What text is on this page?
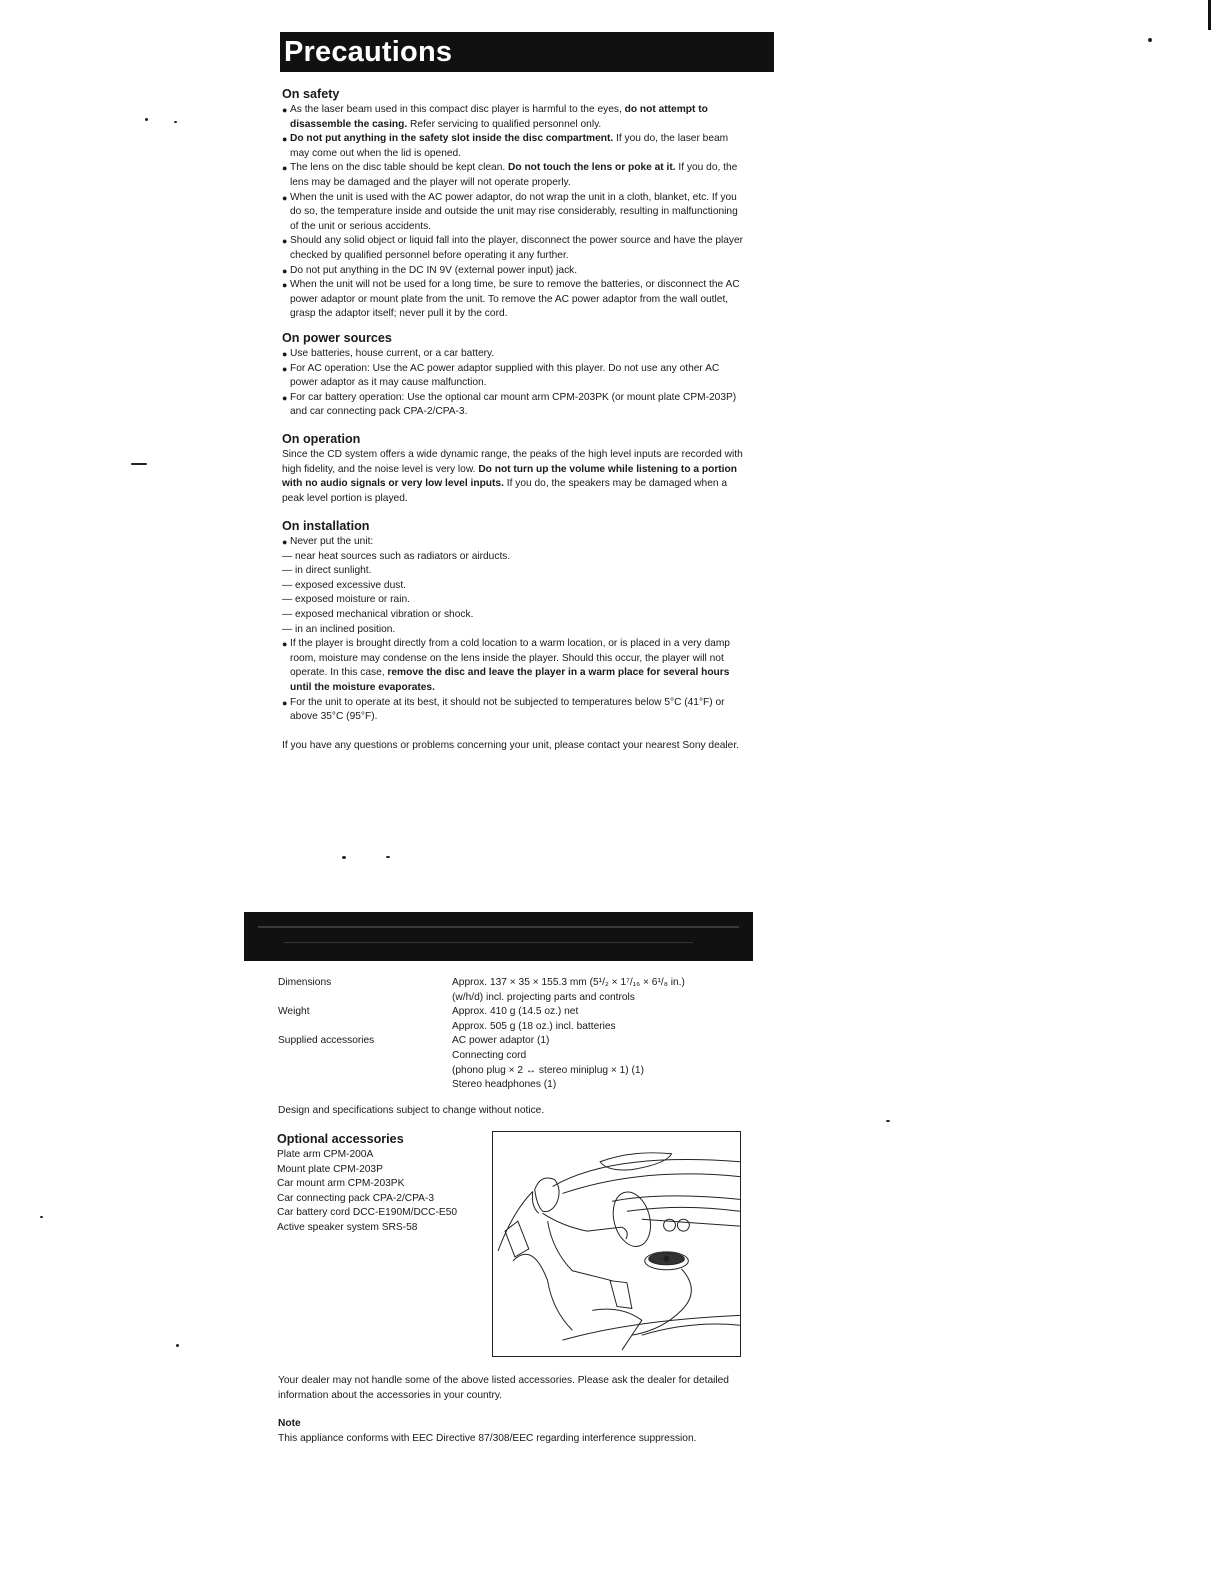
Precautions

On safety

● As the laser beam used in this compact disc player is harmful to the eyes, do not attempt to disassemble the casing. Refer servicing to qualified personnel only.

● Do not put anything in the safety slot inside the disc compartment. If you do, the laser beam may come out when the lid is opened.

● The lens on the disc table should be kept clean. Do not touch the lens or poke at it. If you do, the lens may be damaged and the player will not operate properly.

● When the unit is used with the AC power adaptor, do not wrap the unit in a cloth, blanket, etc. If you do so, the temperature inside and outside the unit may rise considerably, resulting in malfunctioning of the unit or serious accidents.

● Should any solid object or liquid fall into the player, disconnect the power source and have the player checked by qualified personnel before operating it any further.

● Do not put anything in the DC IN 9V (external power input) jack.

● When the unit will not be used for a long time, be sure to remove the batteries, or disconnect the AC power adaptor or mount plate from the unit. To remove the AC power adaptor from the wall outlet, grasp the adaptor itself; never pull it by the cord.

On power sources

● Use batteries, house current, or a car battery.

● For AC operation: Use the AC power adaptor supplied with this player. Do not use any other AC power adaptor as it may cause malfunction.

● For car battery operation: Use the optional car mount arm CPM-203PK (or mount plate CPM-203P) and car connecting pack CPA-2/CPA-3.

On operation

Since the CD system offers a wide dynamic range, the peaks of the high level inputs are recorded with high fidelity, and the noise level is very low. Do not turn up the volume while listening to a portion with no audio signals or very low level inputs. If you do, the speakers may be damaged when a peak level portion is played.

On installation

● Never put the unit:

— near heat sources such as radiators or airducts.

— in direct sunlight.

— exposed excessive dust.

— exposed moisture or rain.

— exposed mechanical vibration or shock.

— in an inclined position.

● If the player is brought directly from a cold location to a warm location, or is placed in a very damp room, moisture may condense on the lens inside the player. Should this occur, the player will not operate. In this case, remove the disc and leave the player in a warm place for several hours until the moisture evaporates.

● For the unit to operate at its best, it should not be subjected to temperatures below 5°C (41°F) or above 35°C (95°F).

If you have any questions or problems concerning your unit, please contact your nearest Sony dealer.

Dimensions	Approx. 137 × 35 × 155.3 mm (5¹/₂ × 1⁷/₁₆ × 6¹/₈ in.)
(w/h/d) incl. projecting parts and controls
Weight	Approx. 410 g (14.5 oz.) net
Approx. 505 g (18 oz.) incl. batteries
Supplied accessories	AC power adaptor (1)
Connecting cord
(phono plug × 2 ↔ stereo miniplug × 1) (1)
Stereo headphones (1)
Design and specifications subject to change without notice.

Optional accessories

Plate arm CPM-200A
Mount plate CPM-203P
Car mount arm CPM-203PK
Car connecting pack CPA-2/CPA-3
Car battery cord DCC-E190M/DCC-E50
Active speaker system SRS-58
Your dealer may not handle some of the above listed accessories. Please ask the dealer for detailed information about the accessories in your country.
Note
This appliance conforms with EEC Directive 87/308/EEC regarding interference suppression.
